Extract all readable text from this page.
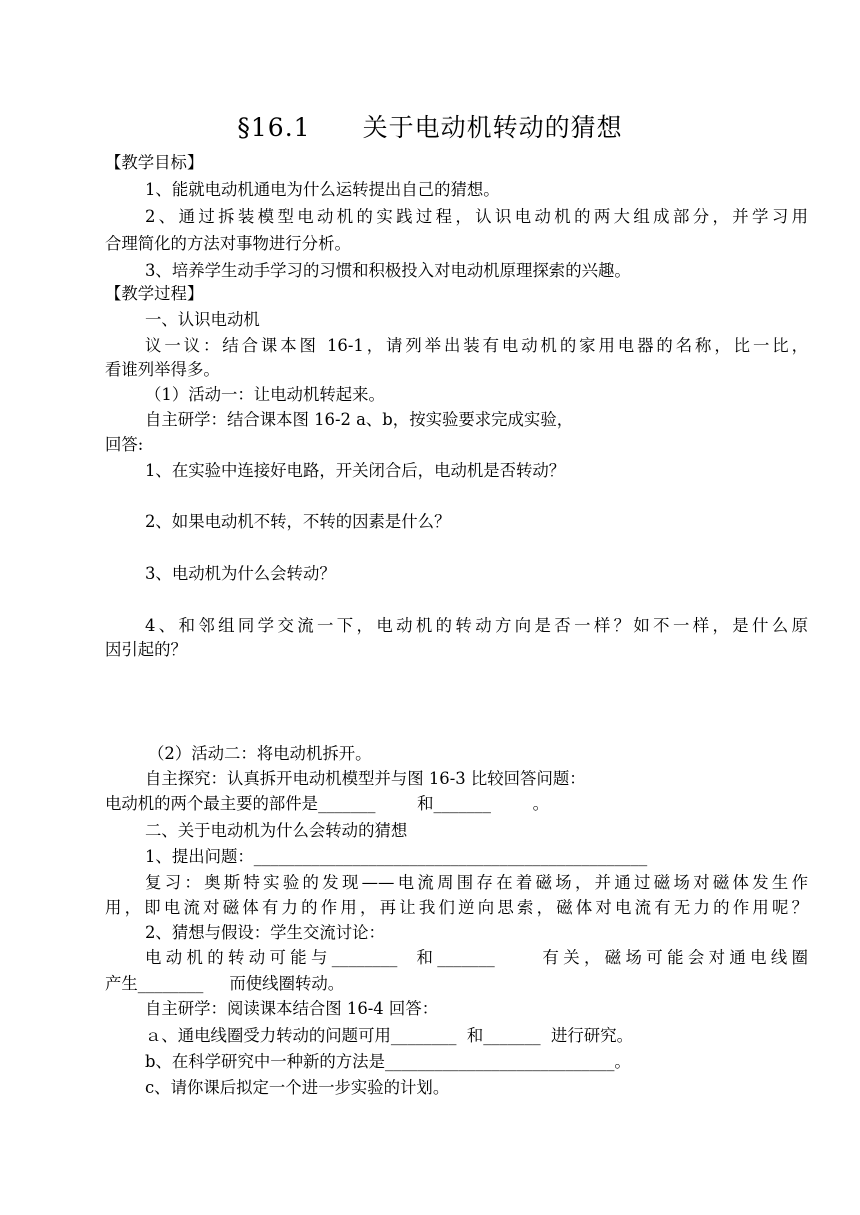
§16.1　　关于电动机转动的猜想
【教学目标】
1、能就电动机通电为什么运转提出自己的猜想。
2、通过拆装模型电动机的实践过程，认识电动机的两大组成部分，并学习用
合理简化的方法对事物进行分析。
3、培养学生动手学习的习惯和积极投入对电动机原理探索的兴趣。
【教学过程】
一、认识电动机
议一议：结合课本图 16-1，请列举出装有电动机的家用电器的名称，比一比，
看谁列举得多。
（1）活动一：让电动机转起来。
自主研学：结合课本图 16-2 a、b，按实验要求完成实验，
回答:
1、在实验中连接好电路，开关闭合后，电动机是否转动？
2、如果电动机不转，不转的因素是什么？
3、电动机为什么会转动？
4、和邻组同学交流一下，电动机的转动方向是否一样？如不一样，是什么原
因引起的？
（2）活动二：将电动机拆开。
自主探究：认真拆开电动机模型并与图 16-3 比较回答问题：
电动机的两个最主要的部件是_______        和_______        。
二、关于电动机为什么会转动的猜想
1、提出问题：________________________________________________
复习：奥斯特实验的发现——电流周围存在着磁场，并通过磁场对磁体发生作
用，即电流对磁体有力的作用，再让我们逆向思索，磁体对电流有无力的作用呢？
2、猜想与假设：学生交流讨论：
电动机的转动可能与________  和_______     有关，磁场可能会对通电线圈
产生________     而使线圈转动。
自主研学：阅读课本结合图 16-4 回答：
ａ、通电线圈受力转动的问题可用________  和_______  进行研究。
b、在科学研究中一种新的方法是____________________________。
c、请你课后拟定一个进一步实验的计划。
